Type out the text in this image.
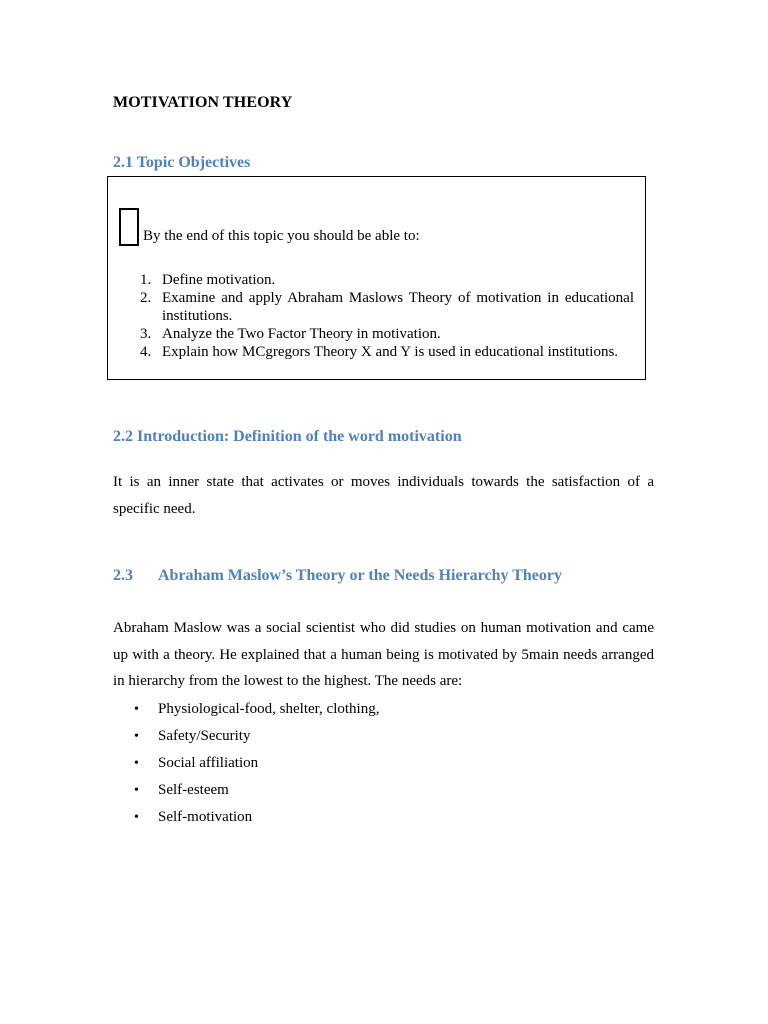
MOTIVATION THEORY
2.1 Topic Objectives
By the end of this topic you should be able to:
1. Define motivation.
2. Examine and apply Abraham Maslows Theory of motivation in educational institutions.
3. Analyze the Two Factor Theory in motivation.
4. Explain how MCgregors Theory X and Y is used in educational institutions.
2.2 Introduction: Definition of the word motivation

It is an inner state that activates or moves individuals towards the satisfaction of a specific need.

2.3 Abraham Maslow’s Theory or the Needs Hierarchy Theory

Abraham Maslow was a social scientist who did studies on human motivation and came up with a theory. He explained that a human being is motivated by 5main needs arranged in hierarchy from the lowest to the highest. The needs are:

• Physiological-food, shelter, clothing,
• Safety/Security
• Social affiliation
• Self-esteem
• Self-motivation
